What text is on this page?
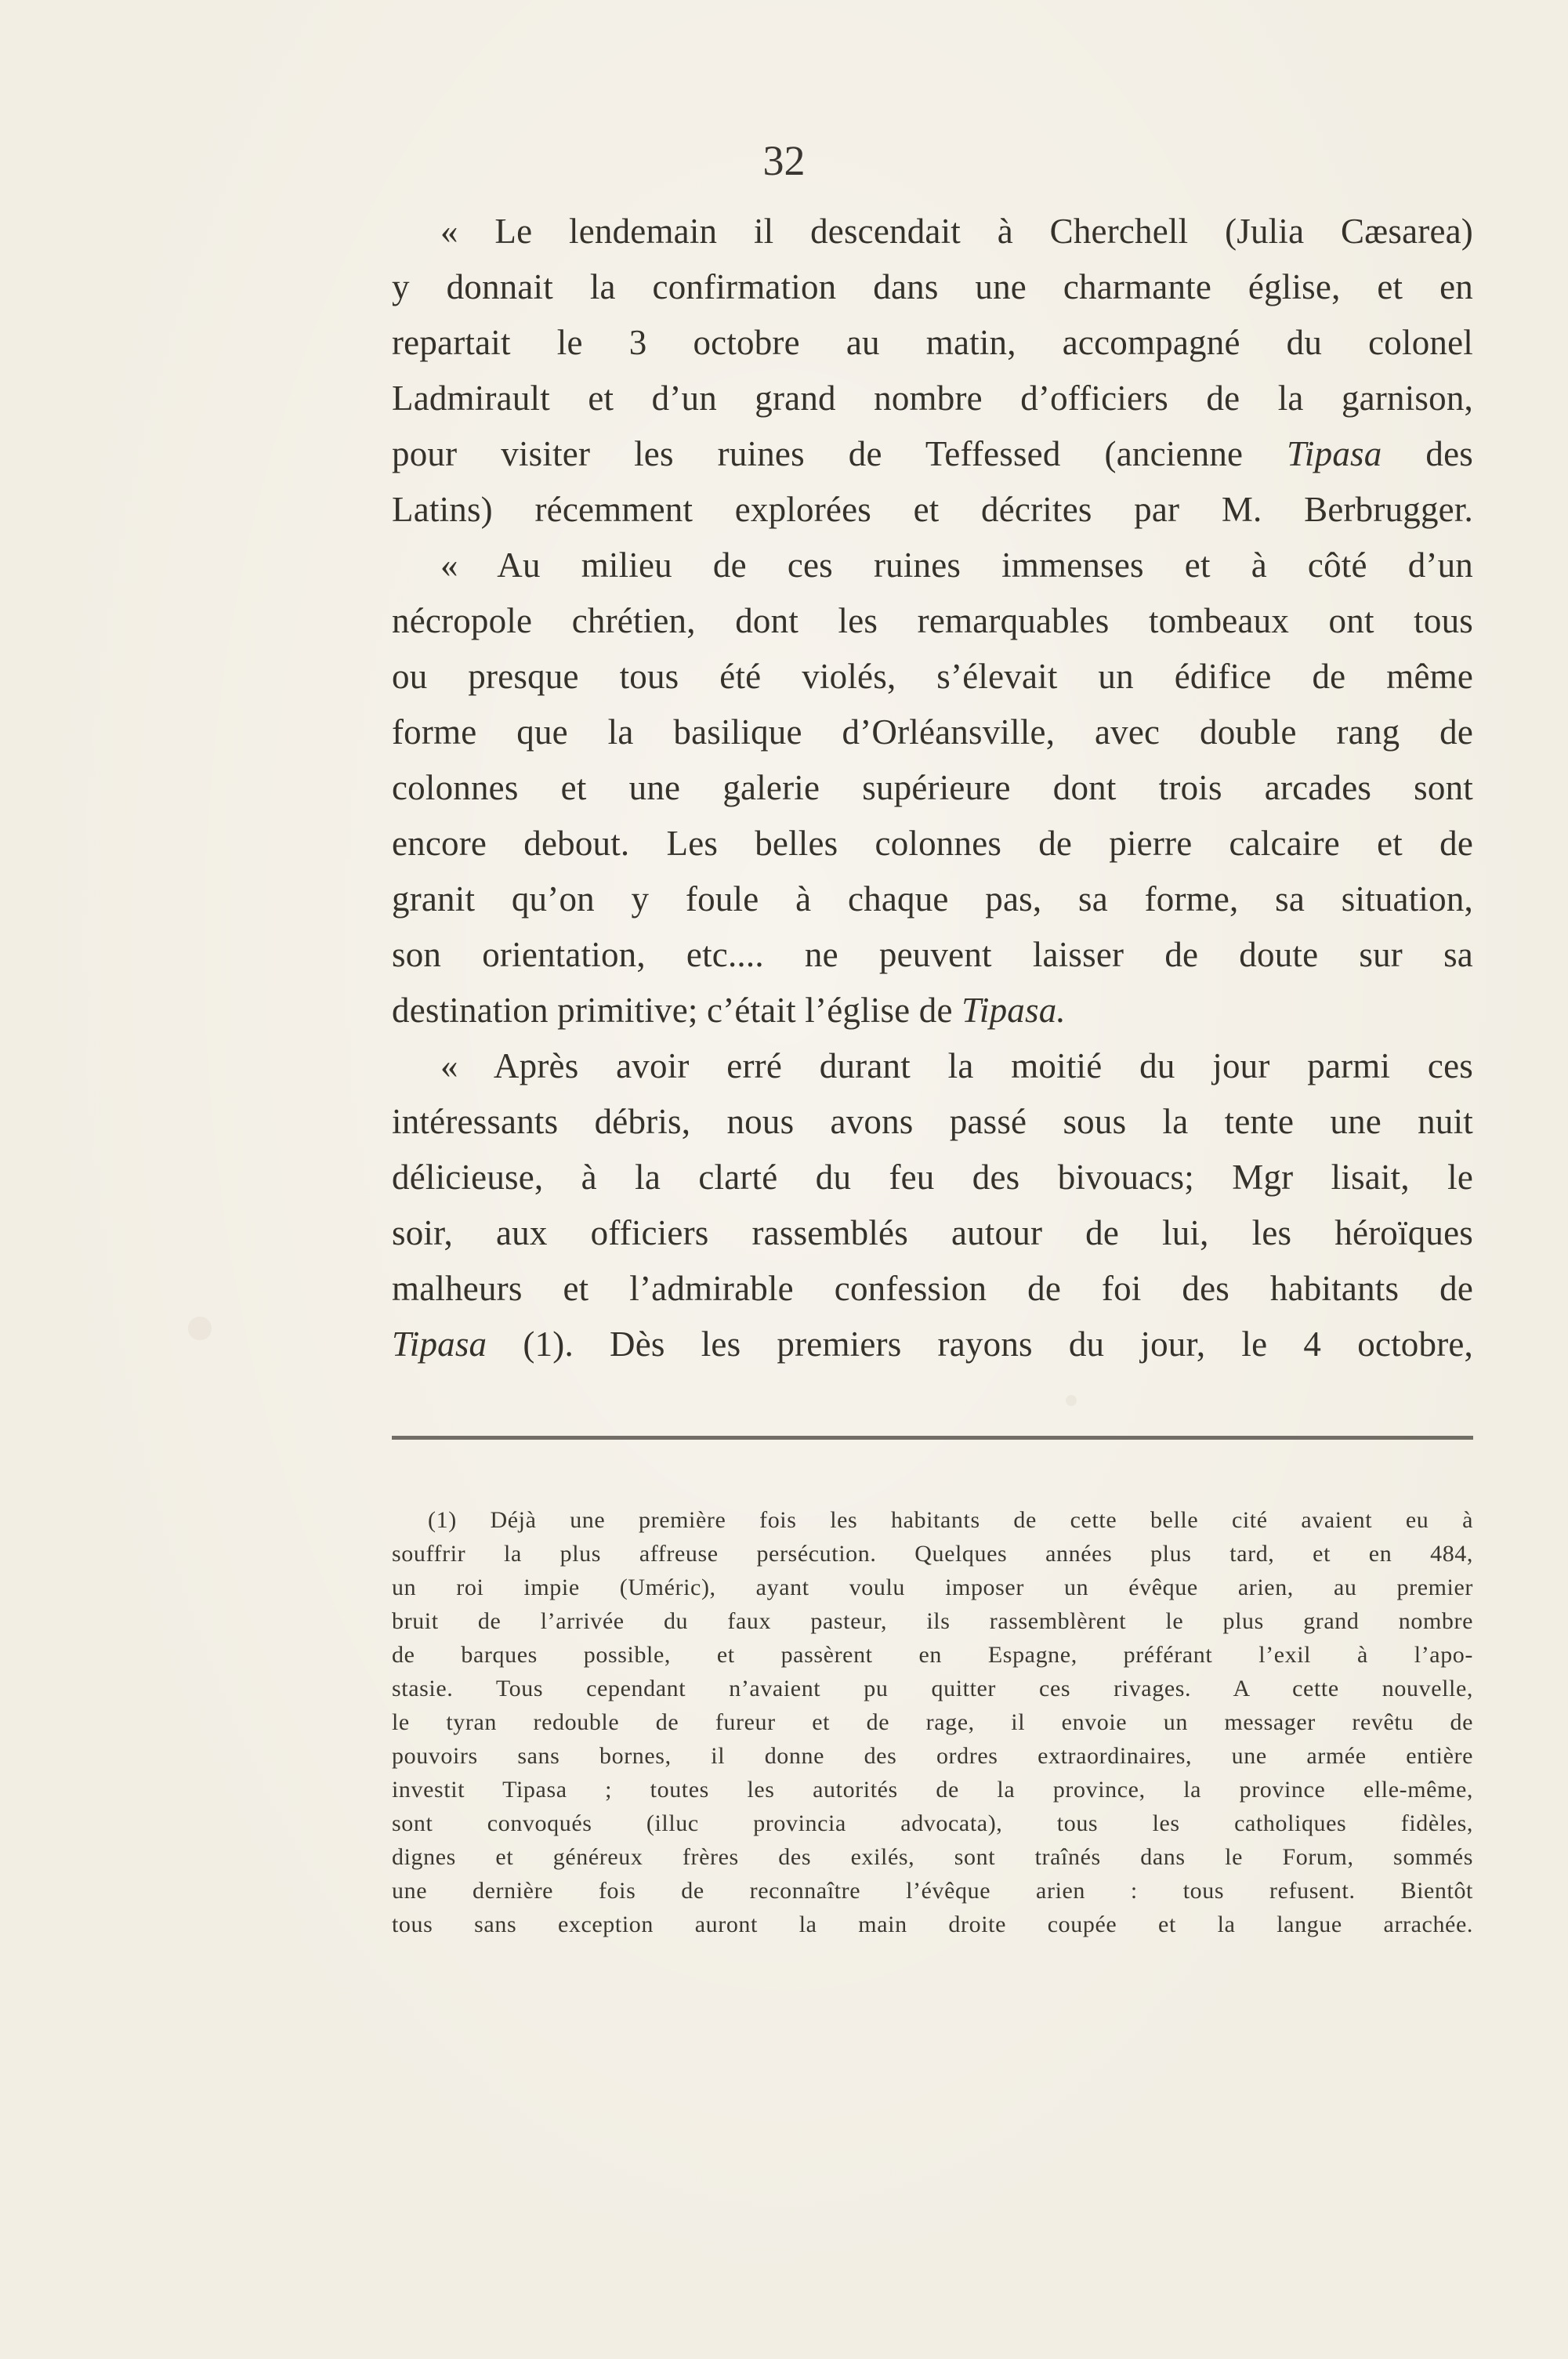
32
« Le lendemain il descendait à Cherchell (Julia Cæsarea)
y donnait la confirmation dans une charmante église, et en
repartait le 3 octobre au matin, accompagné du colonel
Ladmirault et d’un grand nombre d’officiers de la garnison,
pour visiter les ruines de Teffessed (ancienne Tipasa des
Latins) récemment explorées et décrites par M. Berbrugger.
« Au milieu de ces ruines immenses et à côté d’un
nécropole chrétien, dont les remarquables tombeaux ont tous
ou presque tous été violés, s’élevait un édifice de même
forme que la basilique d’Orléansville, avec double rang de
colonnes et une galerie supérieure dont trois arcades sont
encore debout. Les belles colonnes de pierre calcaire et de
granit qu’on y foule à chaque pas, sa forme, sa situation,
son orientation, etc.... ne peuvent laisser de doute sur sa
destination primitive; c’était l’église de Tipasa.
« Après avoir erré durant la moitié du jour parmi ces
intéressants débris, nous avons passé sous la tente une nuit
délicieuse, à la clarté du feu des bivouacs; Mgr lisait, le
soir, aux officiers rassemblés autour de lui, les héroïques
malheurs et l’admirable confession de foi des habitants de
Tipasa (1). Dès les premiers rayons du jour, le 4 octobre,
(1) Déjà une première fois les habitants de cette belle cité avaient eu à
souffrir la plus affreuse persécution. Quelques années plus tard, et en 484,
un roi impie (Uméric), ayant voulu imposer un évêque arien, au premier
bruit de l’arrivée du faux pasteur, ils rassemblèrent le plus grand nombre
de barques possible, et passèrent en Espagne, préférant l’exil à l’apo-
stasie. Tous cependant n’avaient pu quitter ces rivages. A cette nouvelle,
le tyran redouble de fureur et de rage, il envoie un messager revêtu de
pouvoirs sans bornes, il donne des ordres extraordinaires, une armée entière
investit Tipasa ; toutes les autorités de la province, la province elle-même,
sont convoqués (illuc provincia advocata), tous les catholiques fidèles,
dignes et généreux frères des exilés, sont traînés dans le Forum, sommés
une dernière fois de reconnaître l’évêque arien : tous refusent. Bientôt
tous sans exception auront la main droite coupée et la langue arrachée.
